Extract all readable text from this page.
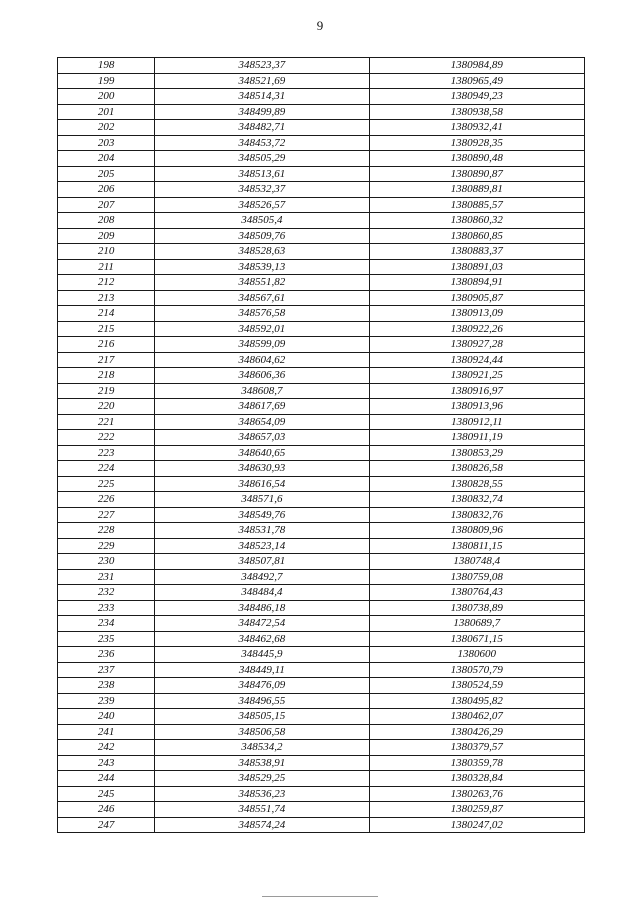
9
198	348523,37	1380984,89
199	348521,69	1380965,49
200	348514,31	1380949,23
201	348499,89	1380938,58
202	348482,71	1380932,41
203	348453,72	1380928,35
204	348505,29	1380890,48
205	348513,61	1380890,87
206	348532,37	1380889,81
207	348526,57	1380885,57
208	348505,4	1380860,32
209	348509,76	1380860,85
210	348528,63	1380883,37
211	348539,13	1380891,03
212	348551,82	1380894,91
213	348567,61	1380905,87
214	348576,58	1380913,09
215	348592,01	1380922,26
216	348599,09	1380927,28
217	348604,62	1380924,44
218	348606,36	1380921,25
219	348608,7	1380916,97
220	348617,69	1380913,96
221	348654,09	1380912,11
222	348657,03	1380911,19
223	348640,65	1380853,29
224	348630,93	1380826,58
225	348616,54	1380828,55
226	348571,6	1380832,74
227	348549,76	1380832,76
228	348531,78	1380809,96
229	348523,14	1380811,15
230	348507,81	1380748,4
231	348492,7	1380759,08
232	348484,4	1380764,43
233	348486,18	1380738,89
234	348472,54	1380689,7
235	348462,68	1380671,15
236	348445,9	1380600
237	348449,11	1380570,79
238	348476,09	1380524,59
239	348496,55	1380495,82
240	348505,15	1380462,07
241	348506,58	1380426,29
242	348534,2	1380379,57
243	348538,91	1380359,78
244	348529,25	1380328,84
245	348536,23	1380263,76
246	348551,74	1380259,87
247	348574,24	1380247,02
